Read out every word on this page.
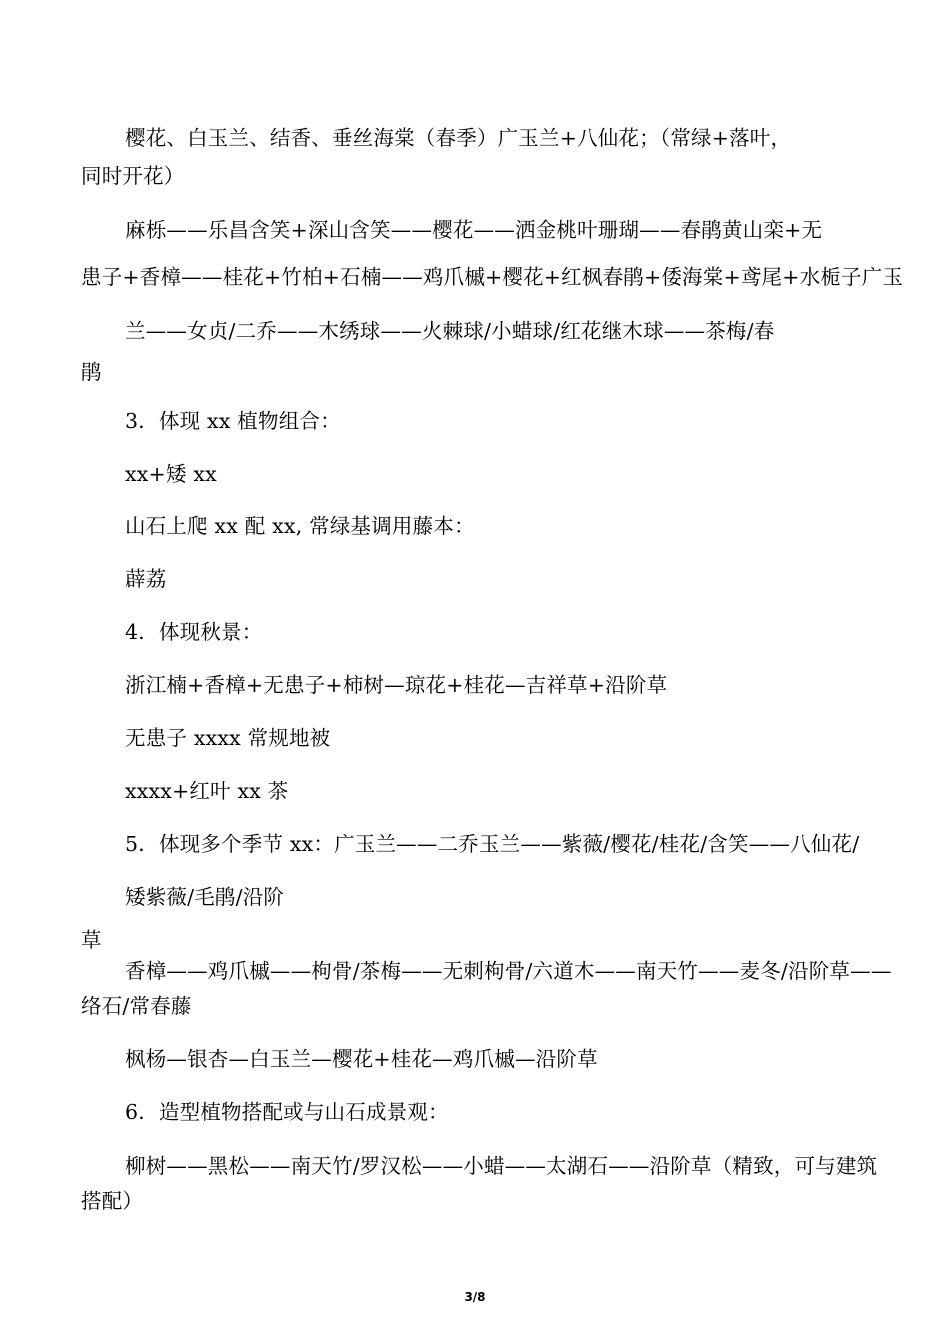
樱花、白玉兰、结香、垂丝海棠（春季）广玉兰+八仙花；（常绿+落叶，
同时开花）
麻栎——乐昌含笑+深山含笑——樱花——洒金桃叶珊瑚——春鹃黄山栾+无
患子+香樟——桂花+竹柏+石楠——鸡爪槭+樱花+红枫春鹃+倭海棠+鸢尾+水栀子广玉
兰——女贞/二乔——木绣球——火棘球/小蜡球/红花继木球——茶梅/春
鹃
3．体现 xx 植物组合：
xx+矮 xx
山石上爬 xx 配 xx, 常绿基调用藤本：
薜荔
4．体现秋景：
浙江楠+香樟+无患子+柿树—琼花+桂花—吉祥草+沿阶草
无患子 xxxx 常规地被
xxxx+红叶 xx 茶
5．体现多个季节 xx：广玉兰——二乔玉兰——紫薇/樱花/桂花/含笑——八仙花/
矮紫薇/毛鹃/沿阶
草
香樟——鸡爪槭——枸骨/茶梅——无刺枸骨/六道木——南天竹——麦冬/沿阶草——
络石/常春藤
枫杨—银杏—白玉兰—樱花+桂花—鸡爪槭—沿阶草
6．造型植物搭配或与山石成景观：
柳树——黑松——南天竹/罗汉松——小蜡——太湖石——沿阶草（精致，可与建筑
搭配）
3/8
